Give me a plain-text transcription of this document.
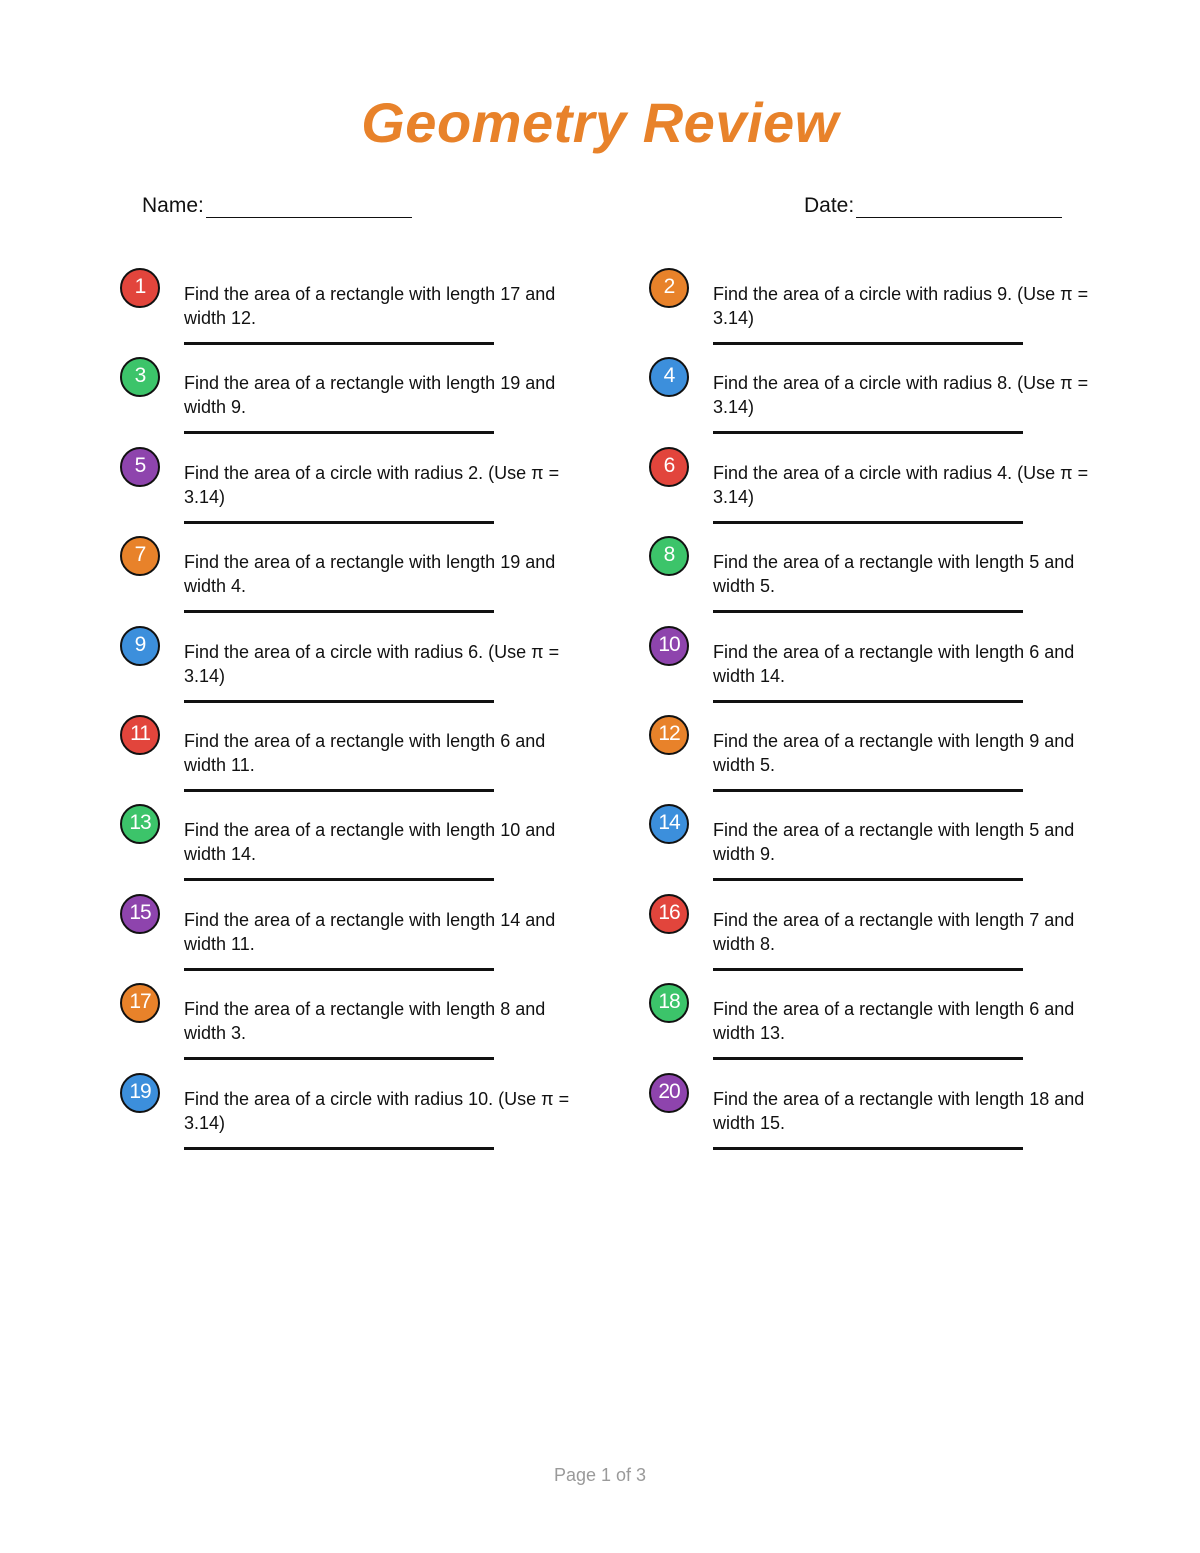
Geometry Review
Name:	Date:
1	Find the area of a rectangle with length 17 and width 12.
2	Find the area of a circle with radius 9. (Use π = 3.14)
3	Find the area of a rectangle with length 19 and width 9.
4	Find the area of a circle with radius 8. (Use π = 3.14)
5	Find the area of a circle with radius 2. (Use π = 3.14)
6	Find the area of a circle with radius 4. (Use π = 3.14)
7	Find the area of a rectangle with length 19 and width 4.
8	Find the area of a rectangle with length 5 and width 5.
9	Find the area of a circle with radius 6. (Use π = 3.14)
10	Find the area of a rectangle with length 6 and width 14.
11	Find the area of a rectangle with length 6 and width 11.
12	Find the area of a rectangle with length 9 and width 5.
13	Find the area of a rectangle with length 10 and width 14.
14	Find the area of a rectangle with length 5 and width 9.
15	Find the area of a rectangle with length 14 and width 11.
16	Find the area of a rectangle with length 7 and width 8.
17	Find the area of a rectangle with length 8 and width 3.
18	Find the area of a rectangle with length 6 and width 13.
19	Find the area of a circle with radius 10. (Use π = 3.14)
20	Find the area of a rectangle with length 18 and width 15.
Page 1 of 3
